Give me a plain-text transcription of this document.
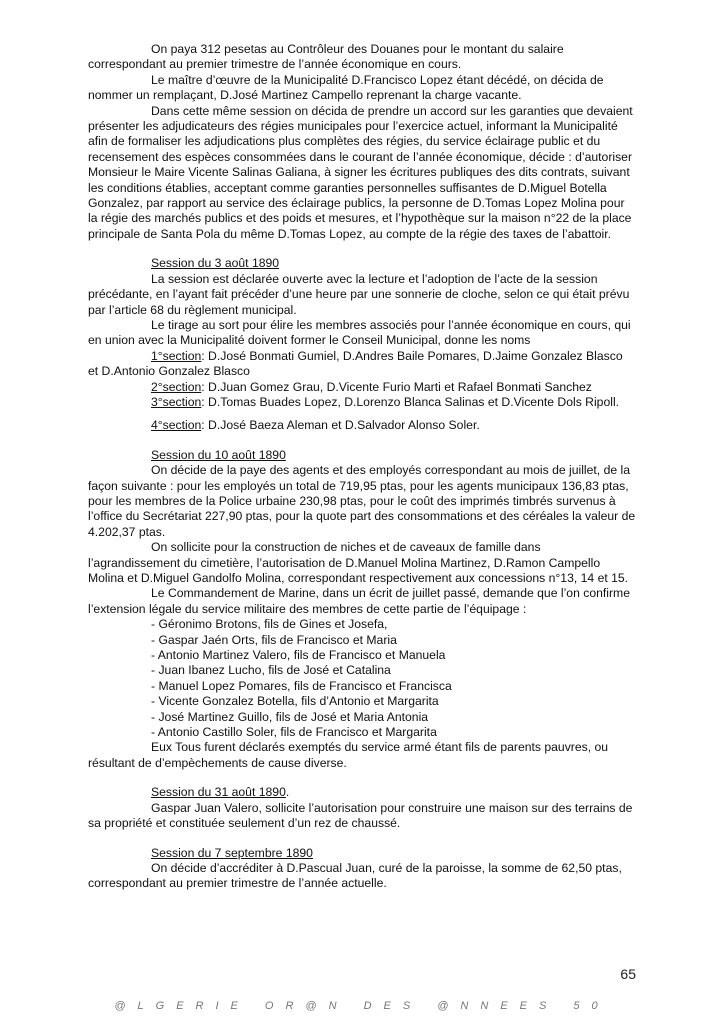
On paya 312 pesetas au Contrôleur des Douanes pour le montant du salaire correspondant au premier trimestre de l’année économique en cours.

Le maître d’œuvre de la Municipalité D.Francisco Lopez étant décédé, on décida de nommer un remplaçant, D.José Martinez Campello reprenant la charge vacante.

Dans cette même session on décida de prendre un accord sur les garanties que devaient présenter les adjudicateurs des régies municipales pour l’exercice actuel, informant la Municipalité afin de formaliser les adjudications plus complètes des régies, du service éclairage public et du recensement des espèces consommées dans le courant de l’année économique, décide : d’autoriser Monsieur le Maire Vicente Salinas Galiana, à signer les écritures publiques des dits contrats, suivant les conditions établies, acceptant comme garanties personnelles suffisantes de D.Miguel Botella Gonzalez, par rapport au service des éclairage publics, la personne de D.Tomas Lopez Molina pour la régie des marchés publics et des poids et mesures, et l’hypothèque sur la maison n°22 de la place principale de Santa Pola du même D.Tomas Lopez, au compte de la régie des taxes de l’abattoir.

Session du 3 août 1890

La session est déclarée ouverte avec la lecture et l’adoption de l’acte de la session précédante, en l’ayant fait précéder d’une heure par une sonnerie de cloche, selon ce qui était prévu par l’article 68 du règlement municipal.

Le tirage au sort pour élire les membres associés pour l’année économique en cours, qui en union avec la Municipalité doivent former le Conseil Municipal, donne les noms

1°section: D.José Bonmati Gumiel, D.Andres Baile Pomares, D.Jaime Gonzalez Blasco et D.Antonio Gonzalez Blasco

2°section: D.Juan Gomez Grau, D.Vicente Furio Marti et Rafael Bonmati Sanchez

3°section: D.Tomas Buades Lopez, D.Lorenzo Blanca Salinas et D.Vicente Dols Ripoll.

4°section: D.José Baeza Aleman et D.Salvador Alonso Soler.

Session du 10 août 1890

On décide de la paye des agents et des employés correspondant au mois de juillet, de la façon suivante : pour les employés un total de 719,95 ptas, pour les agents municipaux 136,83 ptas, pour les membres de la Police urbaine 230,98 ptas, pour le coût des imprimés timbrés survenus à l’office du Secrétariat 227,90 ptas, pour la quote part des consommations et des céréales la valeur de 4.202,37 ptas.

On sollicite pour la construction de niches et de caveaux de famille dans l’agrandissement du cimetière, l’autorisation de D.Manuel Molina Martinez, D.Ramon Campello Molina et D.Miguel Gandolfo Molina, correspondant respectivement aux concessions n°13, 14 et 15.

Le Commandement de Marine, dans un écrit de juillet passé, demande que l’on confirme l’extension légale du service militaire des membres de cette partie de l’équipage :

- Géronimo Brotons, fils de Gines et Josefa,
- Gaspar Jaén Orts, fils de Francisco et Maria
- Antonio Martinez Valero, fils de Francisco et Manuela
- Juan Ibanez Lucho, fils de José et Catalina
- Manuel Lopez Pomares, fils de Francisco et Francisca
- Vicente Gonzalez Botella, fils d’Antonio et Margarita
- José Martinez Guillo, fils de José et Maria Antonia
- Antonio Castillo Soler, fils de Francisco et Margarita

Eux Tous furent déclarés exemptés du service armé étant fils de parents pauvres, ou résultant de d’empèchements de cause diverse.

Session du 31 août 1890.

Gaspar Juan Valero, sollicite l’autorisation pour construire une maison sur des terrains de sa propriété et constituée seulement d’un rez de chaussé.

Session du 7 septembre 1890

On décide d’accréditer à D.Pascual Juan, curé de la paroisse, la somme de 62,50 ptas, correspondant au premier trimestre de l’année actuelle.

65
@LGERIE OR@N DES @NNEES 50
